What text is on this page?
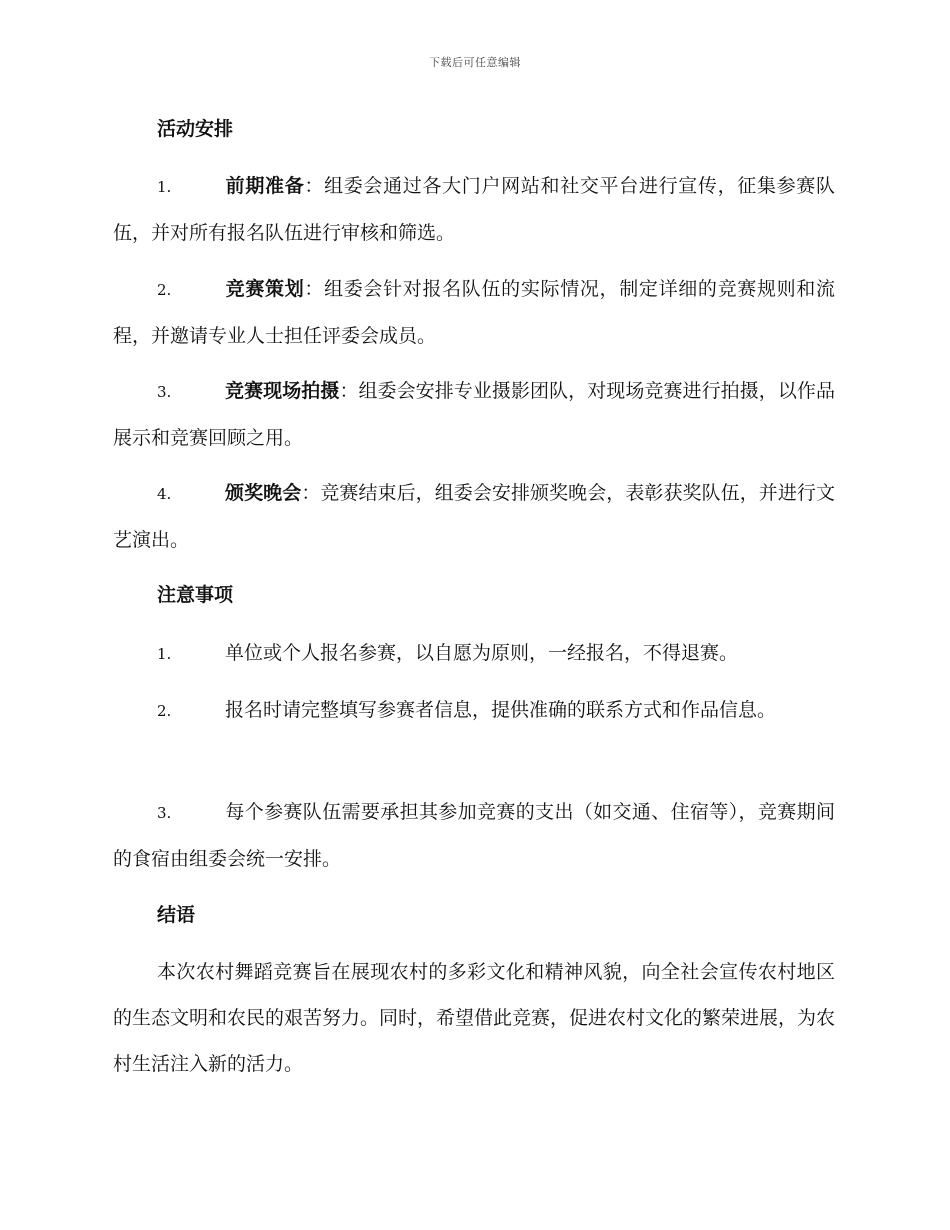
下载后可任意编辑
活动安排
1.	前期准备：组委会通过各大门户网站和社交平台进行宣传，征集参赛队伍，并对所有报名队伍进行审核和筛选。
2.	竞赛策划：组委会针对报名队伍的实际情况，制定详细的竞赛规则和流程，并邀请专业人士担任评委会成员。
3.	竞赛现场拍摄：组委会安排专业摄影团队，对现场竞赛进行拍摄，以作品展示和竞赛回顾之用。
4.	颁奖晚会：竞赛结束后，组委会安排颁奖晚会，表彰获奖队伍，并进行文艺演出。
注意事项
1.	单位或个人报名参赛，以自愿为原则，一经报名，不得退赛。
2.	报名时请完整填写参赛者信息，提供准确的联系方式和作品信息。
3.	每个参赛队伍需要承担其参加竞赛的支出（如交通、住宿等），竞赛期间的食宿由组委会统一安排。
结语
本次农村舞蹈竞赛旨在展现农村的多彩文化和精神风貌，向全社会宣传农村地区的生态文明和农民的艰苦努力。同时，希望借此竞赛，促进农村文化的繁荣进展，为农村生活注入新的活力。
